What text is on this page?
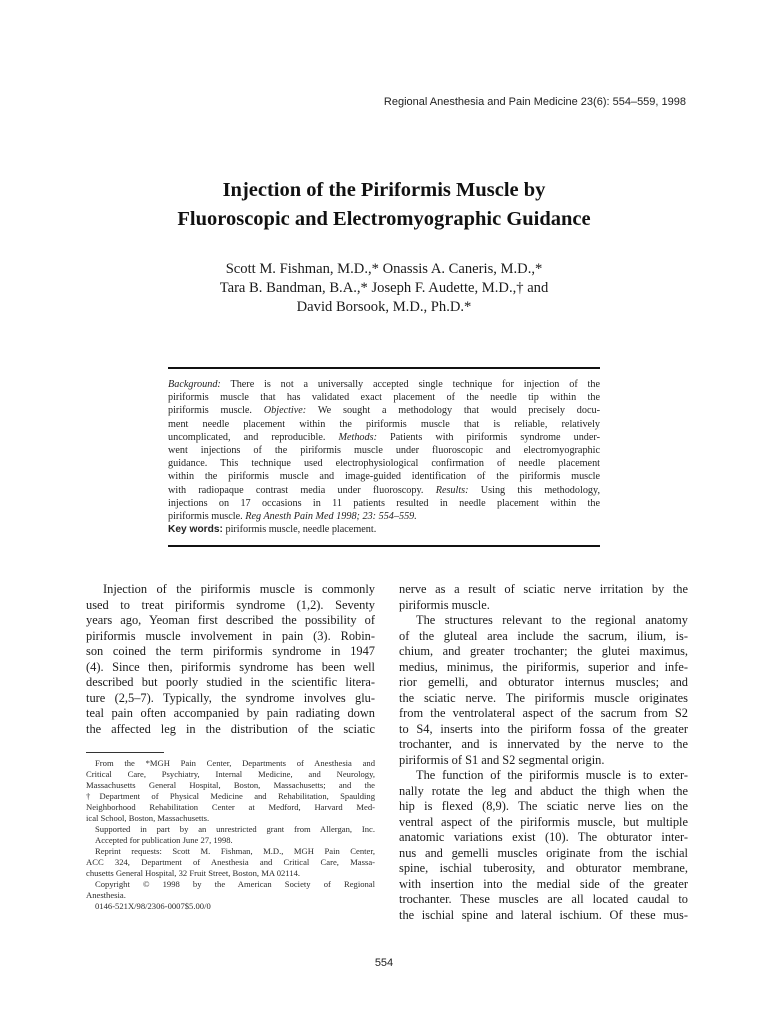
Regional Anesthesia and Pain Medicine 23(6): 554–559, 1998
Injection of the Piriformis Muscle by
Fluoroscopic and Electromyographic Guidance
Scott M. Fishman, M.D.,* Onassis A. Caneris, M.D.,*
Tara B. Bandman, B.A.,* Joseph F. Audette, M.D.,† and
David Borsook, M.D., Ph.D.*
Background: There is not a universally accepted single technique for injection of the
piriformis muscle that has validated exact placement of the needle tip within the
piriformis muscle. Objective: We sought a methodology that would precisely docu-
ment needle placement within the piriformis muscle that is reliable, relatively
uncomplicated, and reproducible. Methods: Patients with piriformis syndrome under-
went injections of the piriformis muscle under fluoroscopic and electromyographic
guidance. This technique used electrophysiological confirmation of needle placement
within the piriformis muscle and image-guided identification of the piriformis muscle
with radiopaque contrast media under fluoroscopy. Results: Using this methodology,
injections on 17 occasions in 11 patients resulted in needle placement within the
piriformis muscle. Reg Anesth Pain Med 1998; 23: 554–559.
Key words: piriformis muscle, needle placement.
Injection of the piriformis muscle is commonly
used to treat piriformis syndrome (1,2). Seventy
years ago, Yeoman first described the possibility of
piriformis muscle involvement in pain (3). Robin-
son coined the term piriformis syndrome in 1947
(4). Since then, piriformis syndrome has been well
described but poorly studied in the scientific litera-
ture (2,5–7). Typically, the syndrome involves glu-
teal pain often accompanied by pain radiating down
the affected leg in the distribution of the sciatic
From the *MGH Pain Center, Departments of Anesthesia and
Critical Care, Psychiatry, Internal Medicine, and Neurology,
Massachusetts General Hospital, Boston, Massachusetts; and the
†Department of Physical Medicine and Rehabilitation, Spaulding
Neighborhood Rehabilitation Center at Medford, Harvard Med-
ical School, Boston, Massachusetts.
Supported in part by an unrestricted grant from Allergan, Inc.
Accepted for publication June 27, 1998.
Reprint requests: Scott M. Fishman, M.D., MGH Pain Center,
ACC 324, Department of Anesthesia and Critical Care, Massa-
chusetts General Hospital, 32 Fruit Street, Boston, MA 02114.
Copyright © 1998 by the American Society of Regional
Anesthesia.
0146-521X/98/2306-0007$5.00/0
nerve as a result of sciatic nerve irritation by the
piriformis muscle.
The structures relevant to the regional anatomy
of the gluteal area include the sacrum, ilium, is-
chium, and greater trochanter; the glutei maximus,
medius, minimus, the piriformis, superior and infe-
rior gemelli, and obturator internus muscles; and
the sciatic nerve. The piriformis muscle originates
from the ventrolateral aspect of the sacrum from S2
to S4, inserts into the piriform fossa of the greater
trochanter, and is innervated by the nerve to the
piriformis of S1 and S2 segmental origin.
The function of the piriformis muscle is to exter-
nally rotate the leg and abduct the thigh when the
hip is flexed (8,9). The sciatic nerve lies on the
ventral aspect of the piriformis muscle, but multiple
anatomic variations exist (10). The obturator inter-
nus and gemelli muscles originate from the ischial
spine, ischial tuberosity, and obturator membrane,
with insertion into the medial side of the greater
trochanter. These muscles are all located caudal to
the ischial spine and lateral ischium. Of these mus-
554
